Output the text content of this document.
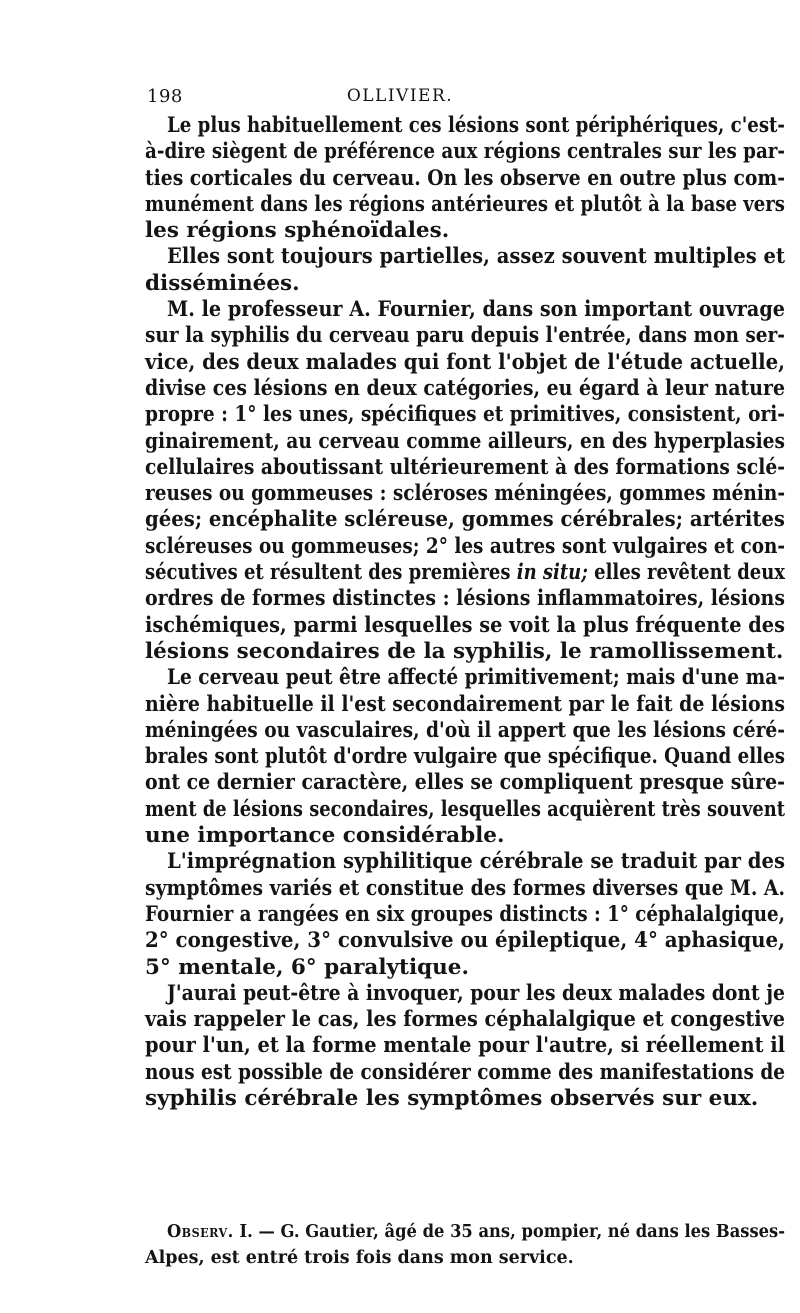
198	OLLIVIER.
Le plus habituellement ces lésions sont périphériques, c'est-
à-dire siègent de préférence aux régions centrales sur les par-
ties corticales du cerveau. On les observe en outre plus com-
munément dans les régions antérieures et plutôt à la base vers
les régions sphénoïdales.
Elles sont toujours partielles, assez souvent multiples et
disséminées.
M. le professeur A. Fournier, dans son important ouvrage
sur la syphilis du cerveau paru depuis l'entrée, dans mon ser-
vice, des deux malades qui font l'objet de l'étude actuelle,
divise ces lésions en deux catégories, eu égard à leur nature
propre : 1° les unes, spécifiques et primitives, consistent, ori-
ginairement, au cerveau comme ailleurs, en des hyperplasies
cellulaires aboutissant ultérieurement à des formations sclé-
reuses ou gommeuses : scléroses méningées, gommes ménin-
gées; encéphalite scléreuse, gommes cérébrales; artérites
scléreuses ou gommeuses; 2° les autres sont vulgaires et con-
sécutives et résultent des premières in situ; elles revêtent deux
ordres de formes distinctes : lésions inflammatoires, lésions
ischémiques, parmi lesquelles se voit la plus fréquente des
lésions secondaires de la syphilis, le ramollissement.
Le cerveau peut être affecté primitivement; mais d'une ma-
nière habituelle il l'est secondairement par le fait de lésions
méningées ou vasculaires, d'où il appert que les lésions céré-
brales sont plutôt d'ordre vulgaire que spécifique. Quand elles
ont ce dernier caractère, elles se compliquent presque sûre-
ment de lésions secondaires, lesquelles acquièrent très souvent
une importance considérable.
L'imprégnation syphilitique cérébrale se traduit par des
symptômes variés et constitue des formes diverses que M. A.
Fournier a rangées en six groupes distincts : 1° céphalalgique,
2° congestive, 3° convulsive ou épileptique, 4° aphasique,
5° mentale, 6° paralytique.
J'aurai peut-être à invoquer, pour les deux malades dont je
vais rappeler le cas, les formes céphalalgique et congestive
pour l'un, et la forme mentale pour l'autre, si réellement il
nous est possible de considérer comme des manifestations de
syphilis cérébrale les symptômes observés sur eux.
Observ. I. — G. Gautier, âgé de 35 ans, pompier, né dans les Basses-
Alpes, est entré trois fois dans mon service.
